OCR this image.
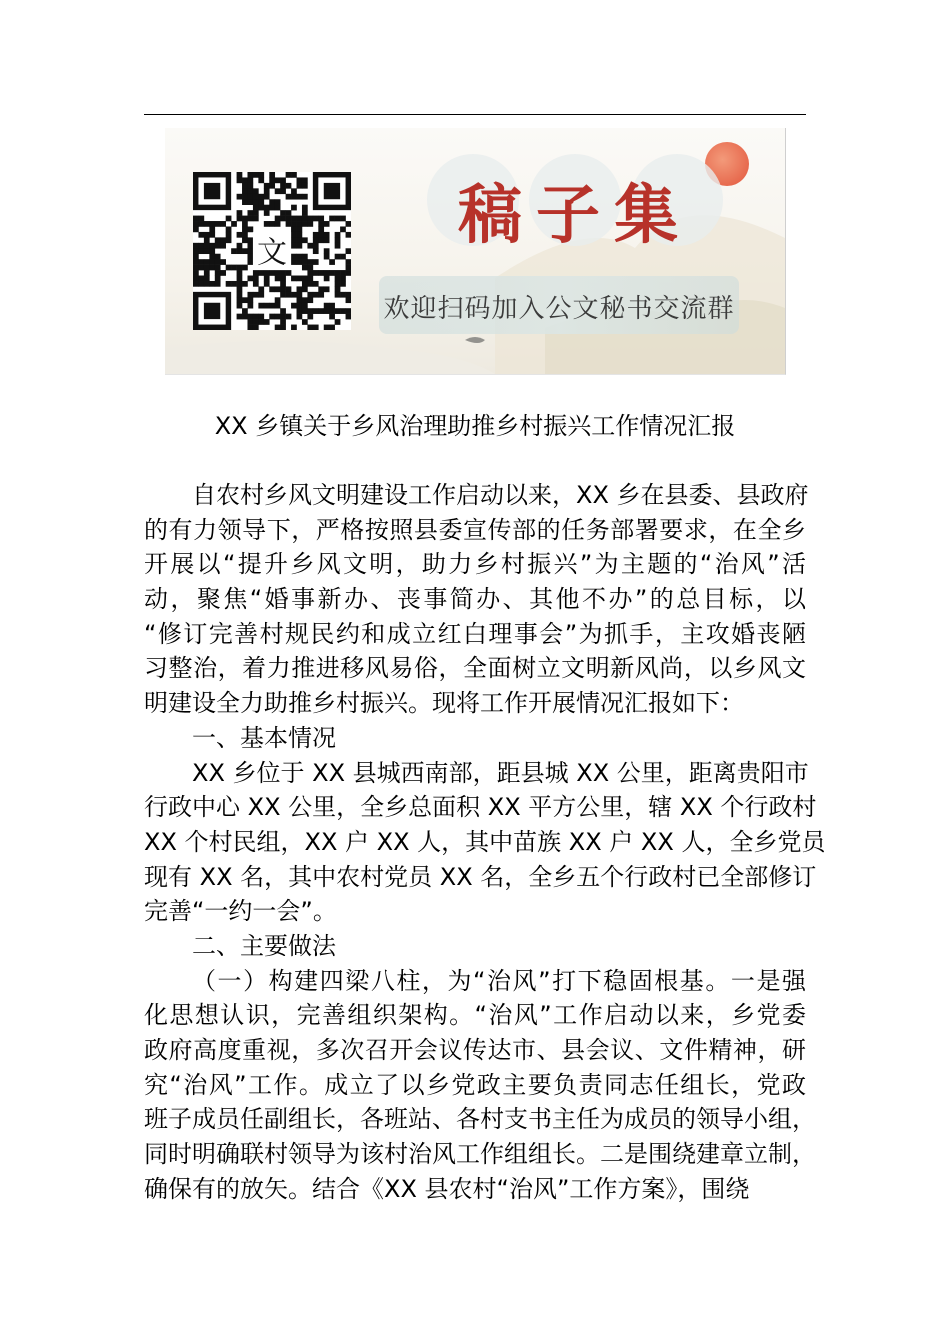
文	稿子集
欢迎扫码加入公文秘书交流群
XX 乡镇关于乡风治理助推乡村振兴工作情况汇报
自农村乡风文明建设工作启动以来，XX 乡在县委、县政府
的有力领导下，严格按照县委宣传部的任务部署要求，在全乡
开展以“提升乡风文明，助力乡村振兴”为主题的“治风”活
动，聚焦“婚事新办、丧事简办、其他不办”的总目标，以
“修订完善村规民约和成立红白理事会”为抓手，主攻婚丧陋
习整治，着力推进移风易俗，全面树立文明新风尚，以乡风文
明建设全力助推乡村振兴。现将工作开展情况汇报如下：
一、基本情况
XX 乡位于 XX 县城西南部，距县城 XX 公里，距离贵阳市
行政中心 XX 公里，全乡总面积 XX 平方公里，辖 XX 个行政村
XX 个村民组，XX 户 XX 人，其中苗族 XX 户 XX 人，全乡党员
现有 XX 名，其中农村党员 XX 名，全乡五个行政村已全部修订
完善“一约一会”。
二、主要做法
（一）构建四梁八柱，为“治风”打下稳固根基。一是强
化思想认识，完善组织架构。“治风”工作启动以来，乡党委
政府高度重视，多次召开会议传达市、县会议、文件精神，研
究“治风”工作。成立了以乡党政主要负责同志任组长，党政
班子成员任副组长，各班站、各村支书主任为成员的领导小组，
同时明确联村领导为该村治风工作组组长。二是围绕建章立制，
确保有的放矢。结合《XX 县农村“治风”工作方案》，围绕
